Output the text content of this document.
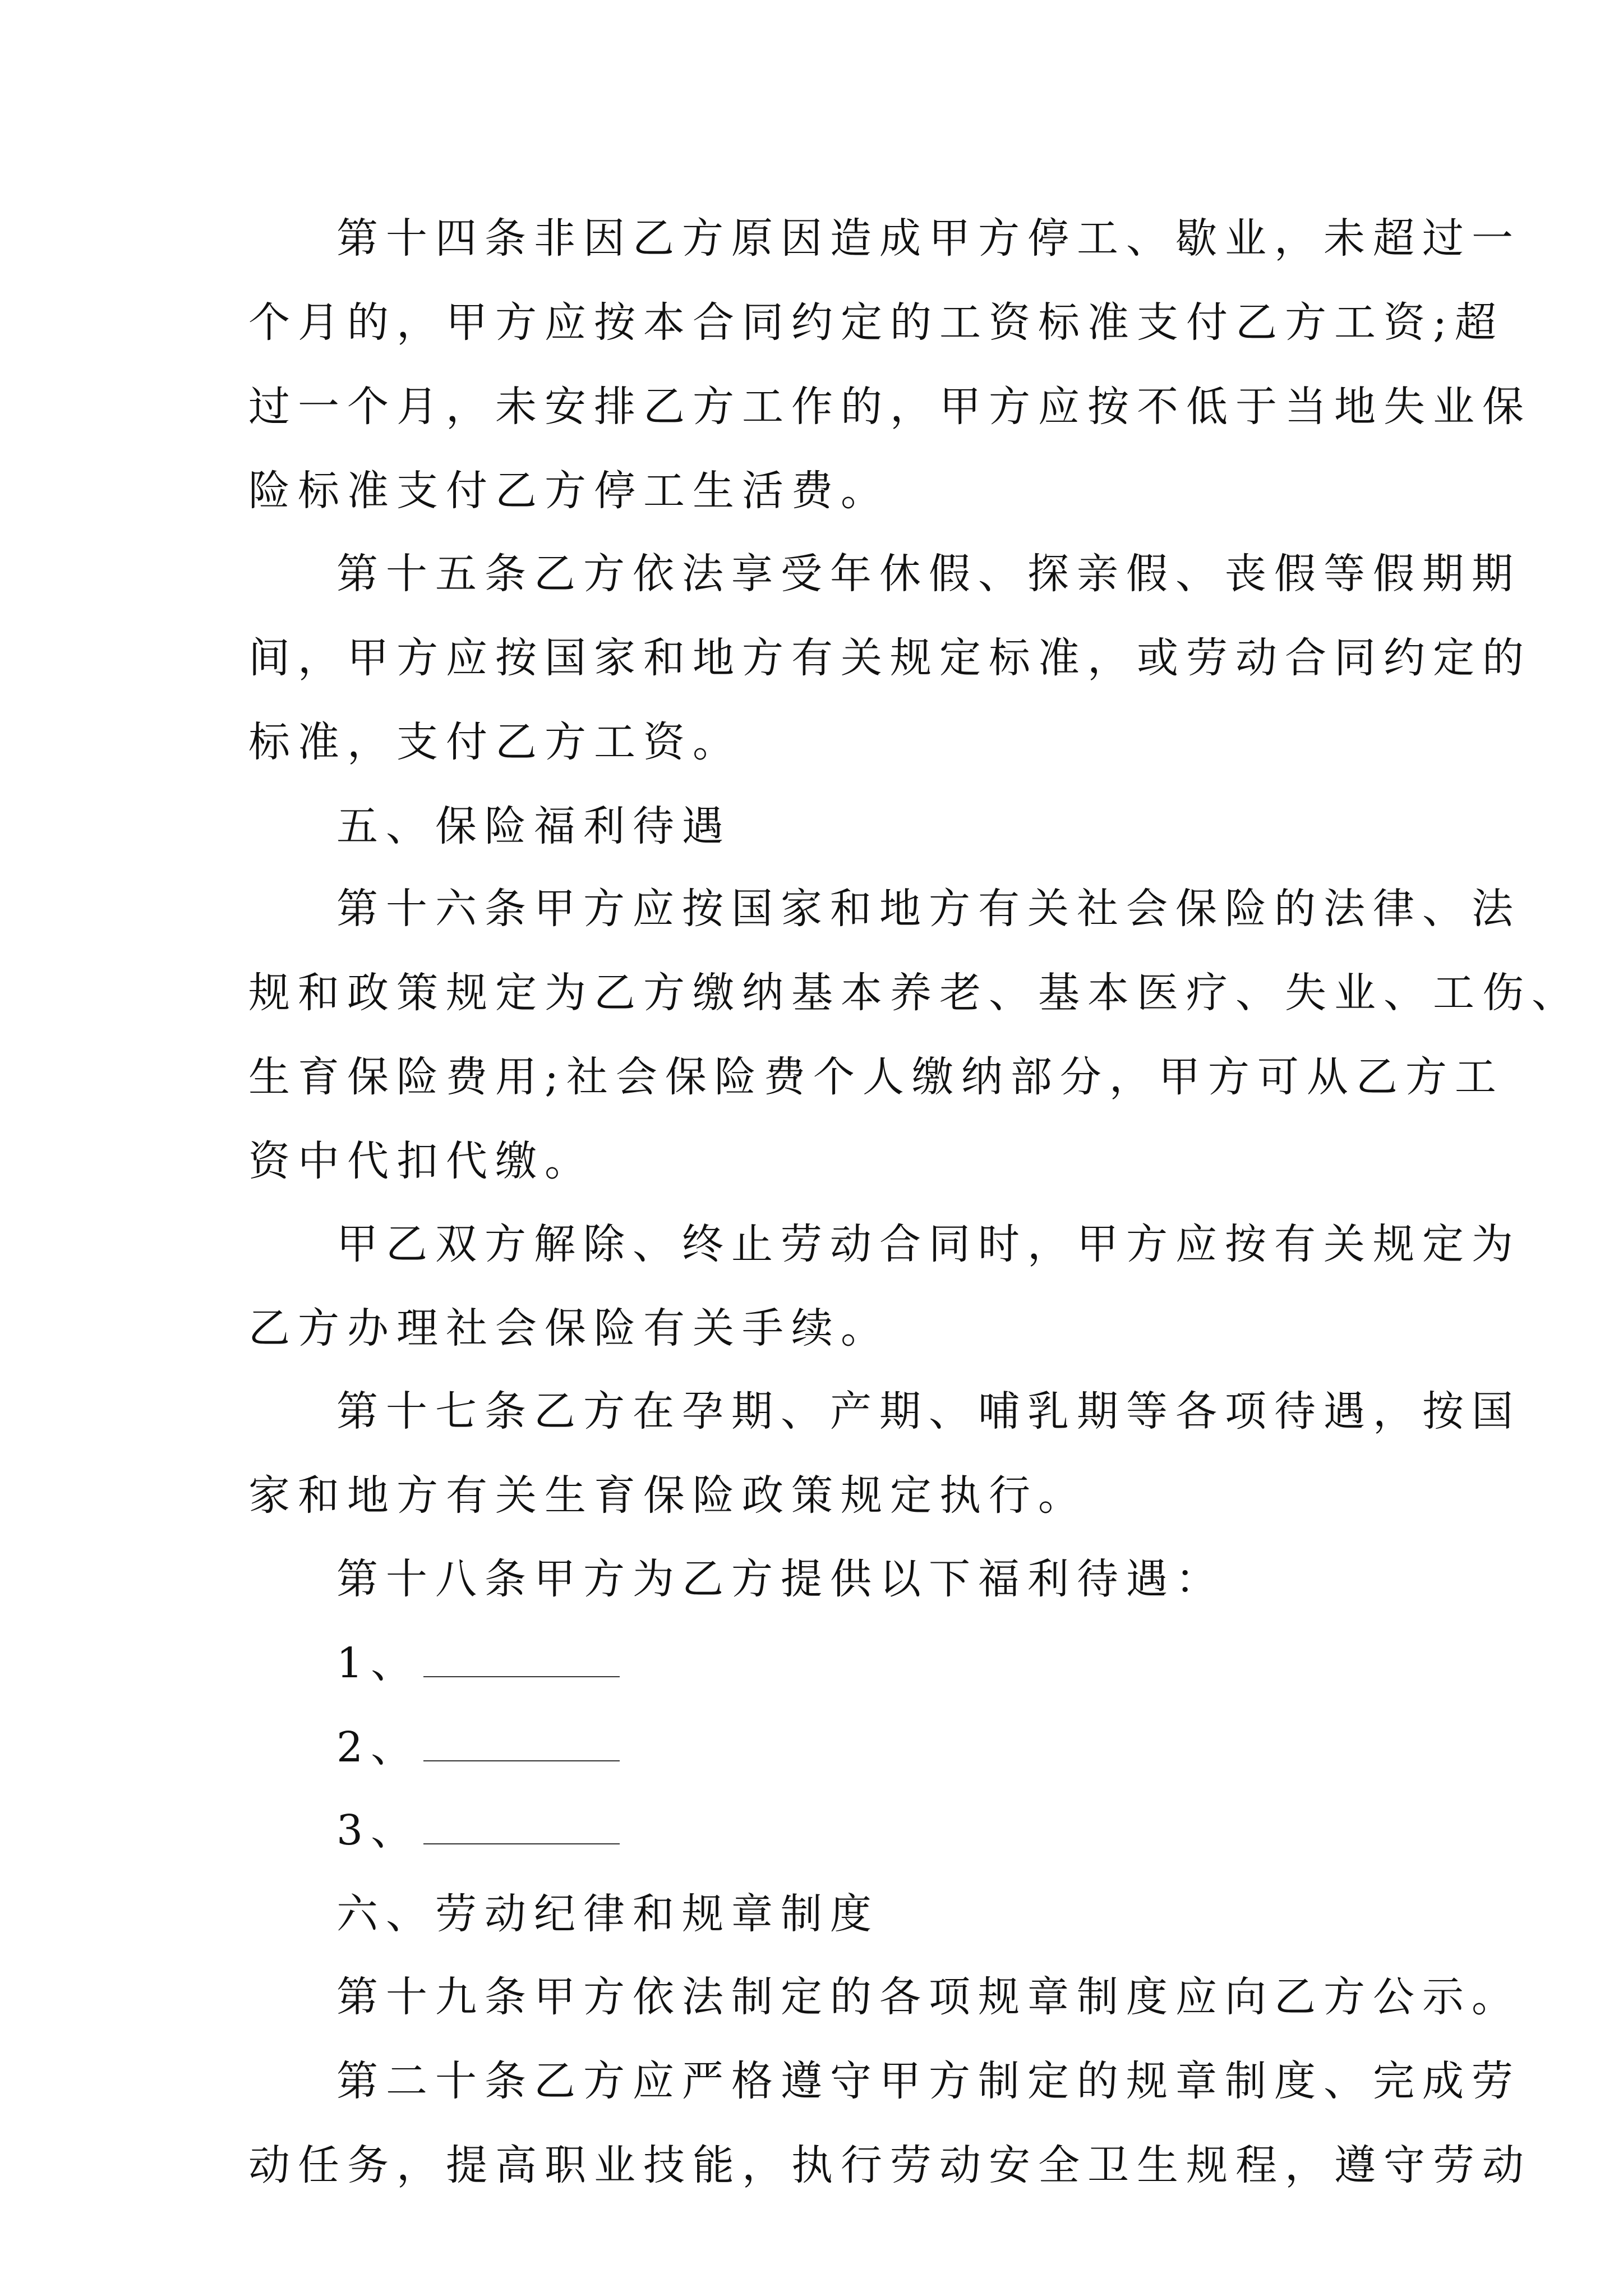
第十四条非因乙方原因造成甲方停工、歇业，未超过一
个月的，甲方应按本合同约定的工资标准支付乙方工资;超
过一个月，未安排乙方工作的，甲方应按不低于当地失业保
险标准支付乙方停工生活费。
第十五条乙方依法享受年休假、探亲假、丧假等假期期
间，甲方应按国家和地方有关规定标准，或劳动合同约定的
标准，支付乙方工资。
五、保险福利待遇
第十六条甲方应按国家和地方有关社会保险的法律、法
规和政策规定为乙方缴纳基本养老、基本医疗、失业、工伤、
生育保险费用;社会保险费个人缴纳部分，甲方可从乙方工
资中代扣代缴。
甲乙双方解除、终止劳动合同时，甲方应按有关规定为
乙方办理社会保险有关手续。
第十七条乙方在孕期、产期、哺乳期等各项待遇，按国
家和地方有关生育保险政策规定执行。
第十八条甲方为乙方提供以下福利待遇：
1、
2、
3、
六、劳动纪律和规章制度
第十九条甲方依法制定的各项规章制度应向乙方公示。
第二十条乙方应严格遵守甲方制定的规章制度、完成劳
动任务，提高职业技能，执行劳动安全卫生规程，遵守劳动
